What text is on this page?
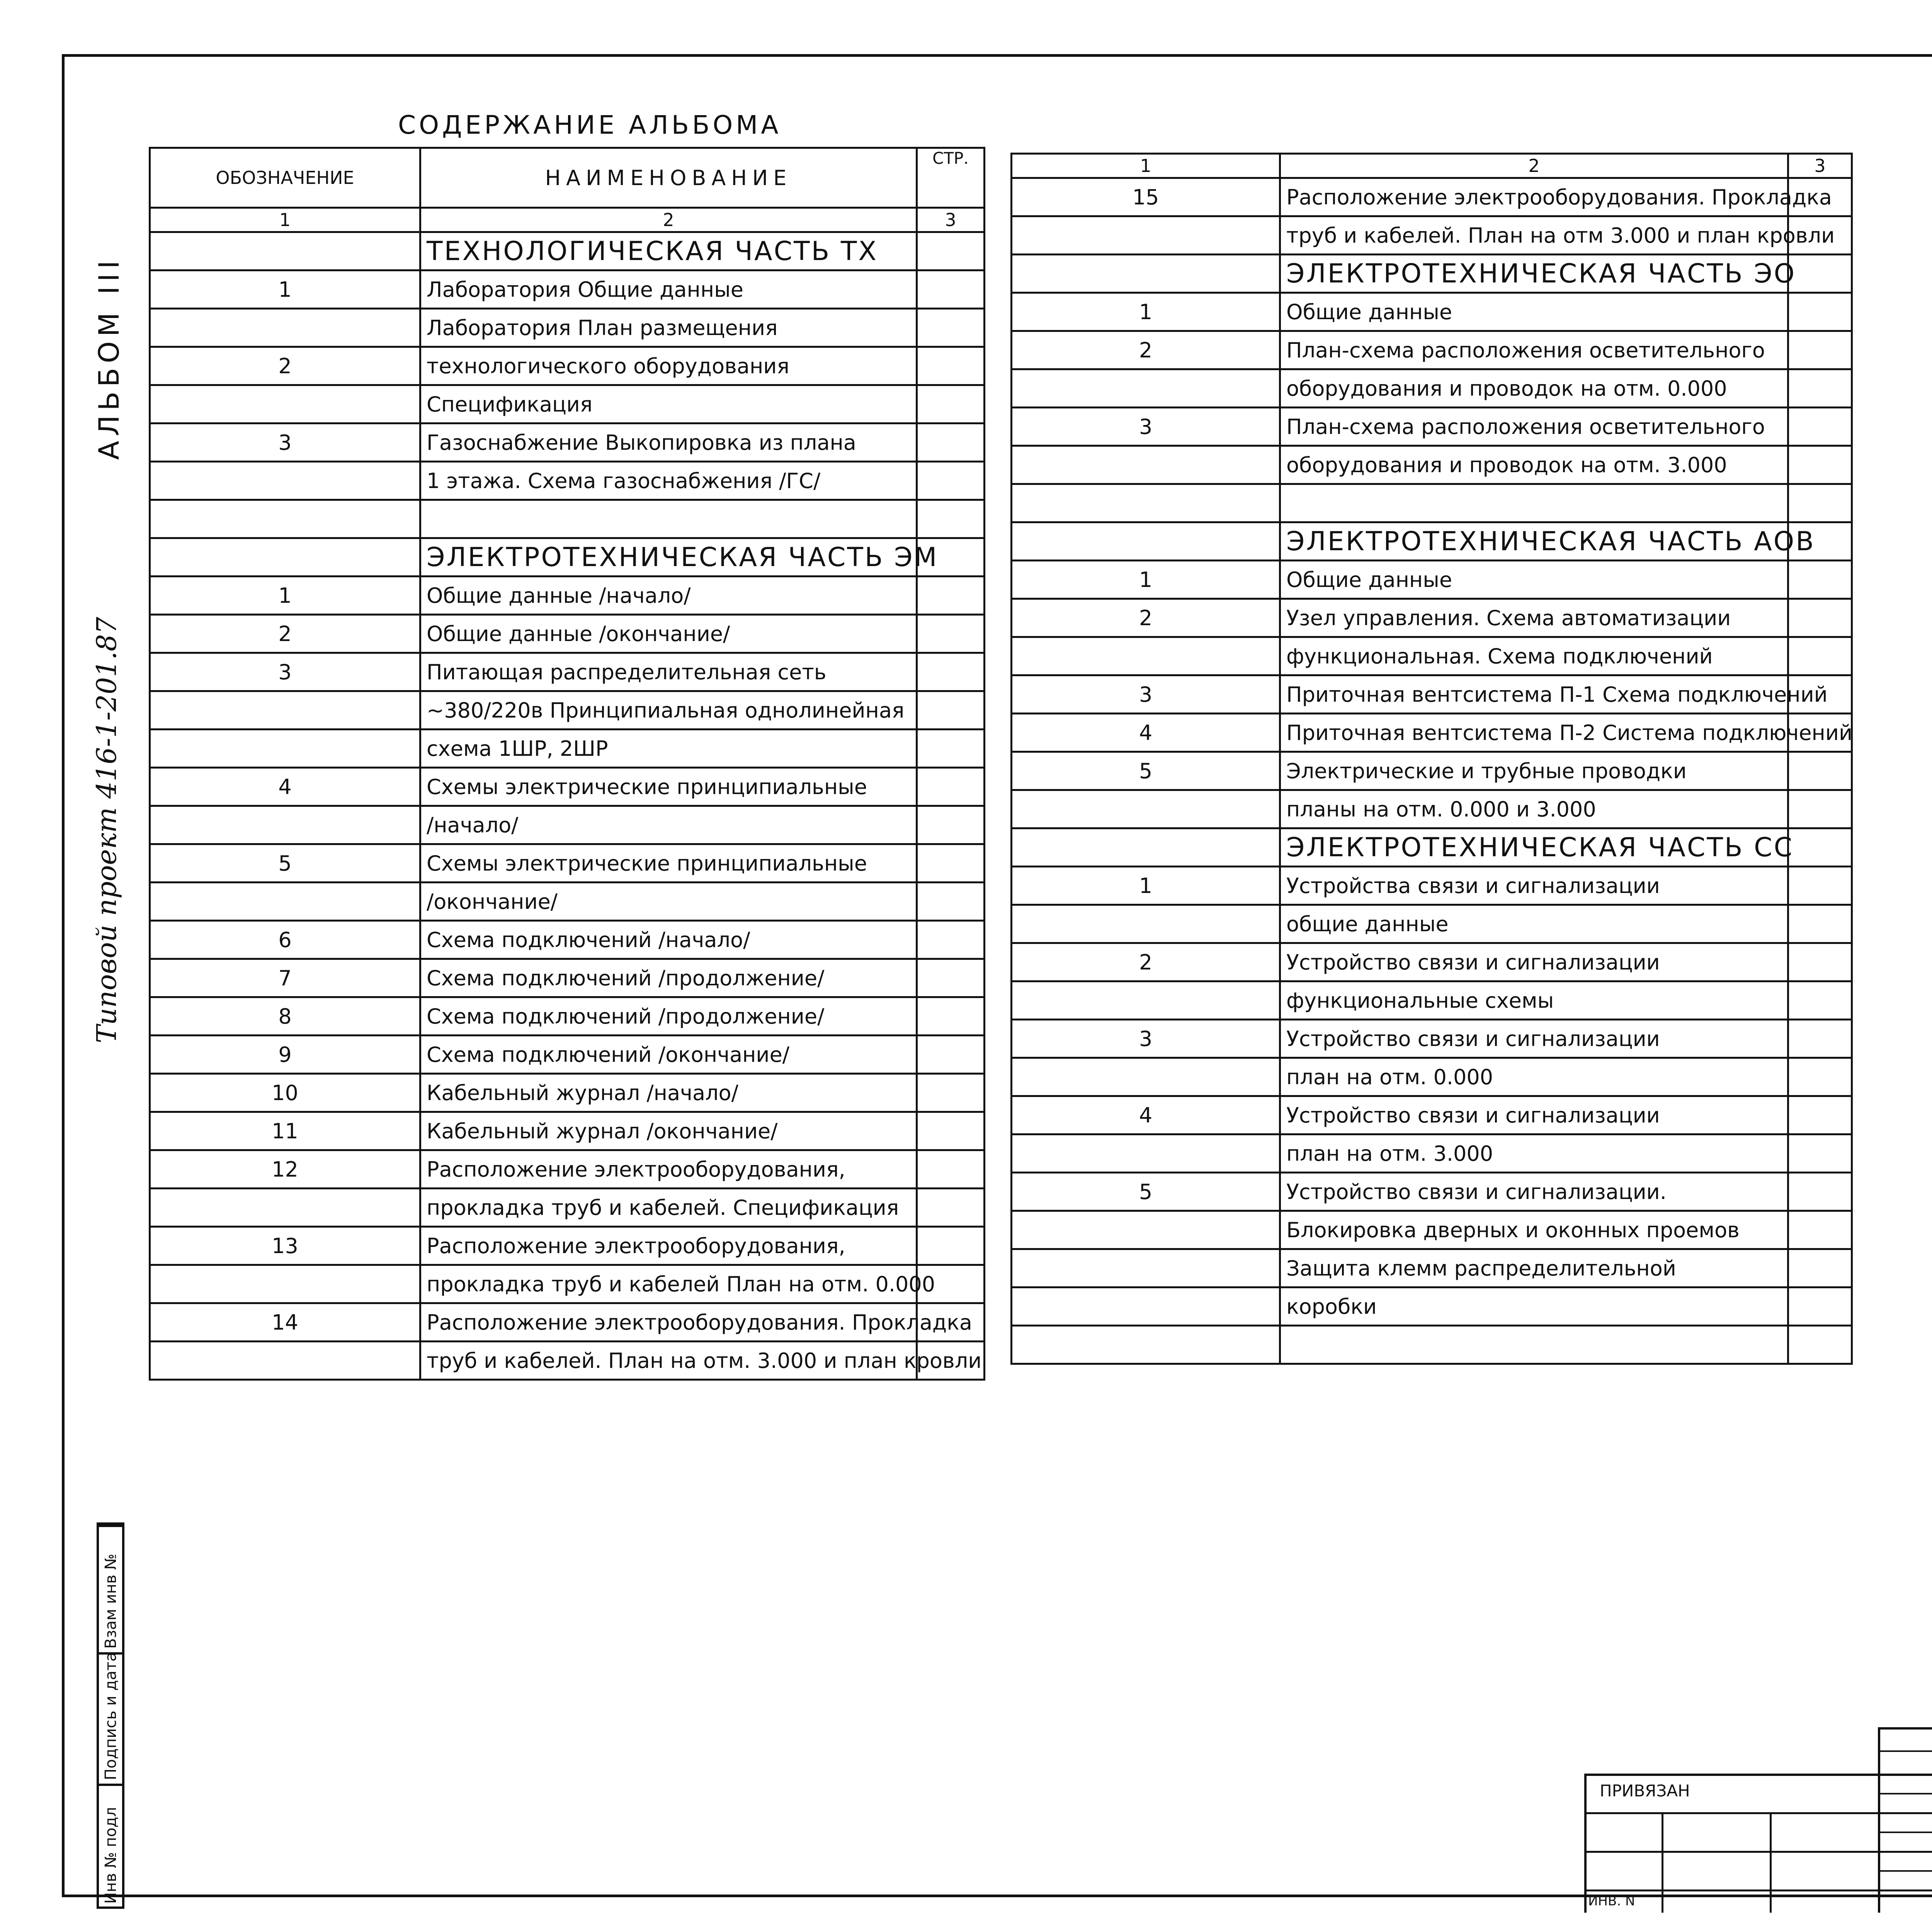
АЛЬБОМ III
Типовой проект 416-1-201.87
Взам инв №
Подпись и дата
Инв № подл
СОДЕРЖАНИЕ АЛЬБОМА
ОБОЗНАЧЕНИЕ	НАИМЕНОВАНИЕ	СТР.
1	2	3
	ТЕХНОЛОГИЧЕСКАЯ ЧАСТЬ ТХ	
1	Лаборатория Общие данные	
	Лаборатория План размещения	
2	технологического оборудования	
	Спецификация	
3	Газоснабжение Выкопировка из плана	
	1 этажа. Схема газоснабжения /ГС/	

	ЭЛЕКТРОТЕХНИЧЕСКАЯ ЧАСТЬ ЭМ	
1	Общие данные /начало/	
2	Общие данные /окончание/	
3	Питающая распределительная сеть	
	~380/220в Принципиальная однолинейная	
	схема 1ШР, 2ШР	
4	Схемы электрические принципиальные	
	/начало/	
5	Схемы электрические принципиальные	
	/окончание/	
6	Схема подключений /начало/	
7	Схема подключений /продолжение/	
8	Схема подключений /продолжение/	
9	Схема подключений /окончание/	
10	Кабельный журнал /начало/	
11	Кабельный журнал /окончание/	
12	Расположение электрооборудования,	
	прокладка труб и кабелей. Спецификация	
13	Расположение электрооборудования,	
	прокладка труб и кабелей План на отм. 0.000	
14	Расположение электрооборудования. Прокладка	
	труб и кабелей. План на отм. 3.000 и план кровли	
1	2	3
15	Расположение электрооборудования. Прокладка	
	труб и кабелей. План на отм 3.000 и план кровли	
	ЭЛЕКТРОТЕХНИЧЕСКАЯ ЧАСТЬ ЭО	
1	Общие данные	
2	План-схема расположения осветительного	
	оборудования и проводок на отм. 0.000	
3	План-схема расположения осветительного	
	оборудования и проводок на отм. 3.000	

	ЭЛЕКТРОТЕХНИЧЕСКАЯ ЧАСТЬ АОВ	
1	Общие данные	
2	Узел управления. Схема автоматизации	
	функциональная. Схема подключений	
3	Приточная вентсистема П-1 Схема подключений	
4	Приточная вентсистема П-2 Система подключений	
5	Электрические и трубные проводки	
	планы на отм. 0.000 и 3.000	
	ЭЛЕКТРОТЕХНИЧЕСКАЯ ЧАСТЬ СС	
1	Устройства связи и сигнализации	
	общие данные	
2	Устройство связи и сигнализации	
	функциональные схемы	
3	Устройство связи и сигнализации	
	план на отм. 0.000	
4	Устройство связи и сигнализации	
	план на отм. 3.000	
5	Устройство связи и сигнализации.	
	Блокировка дверных и оконных проемов	
	Защита клемм распределительной	
	коробки	

ПРИВЯЗАН
ИНВ. N
